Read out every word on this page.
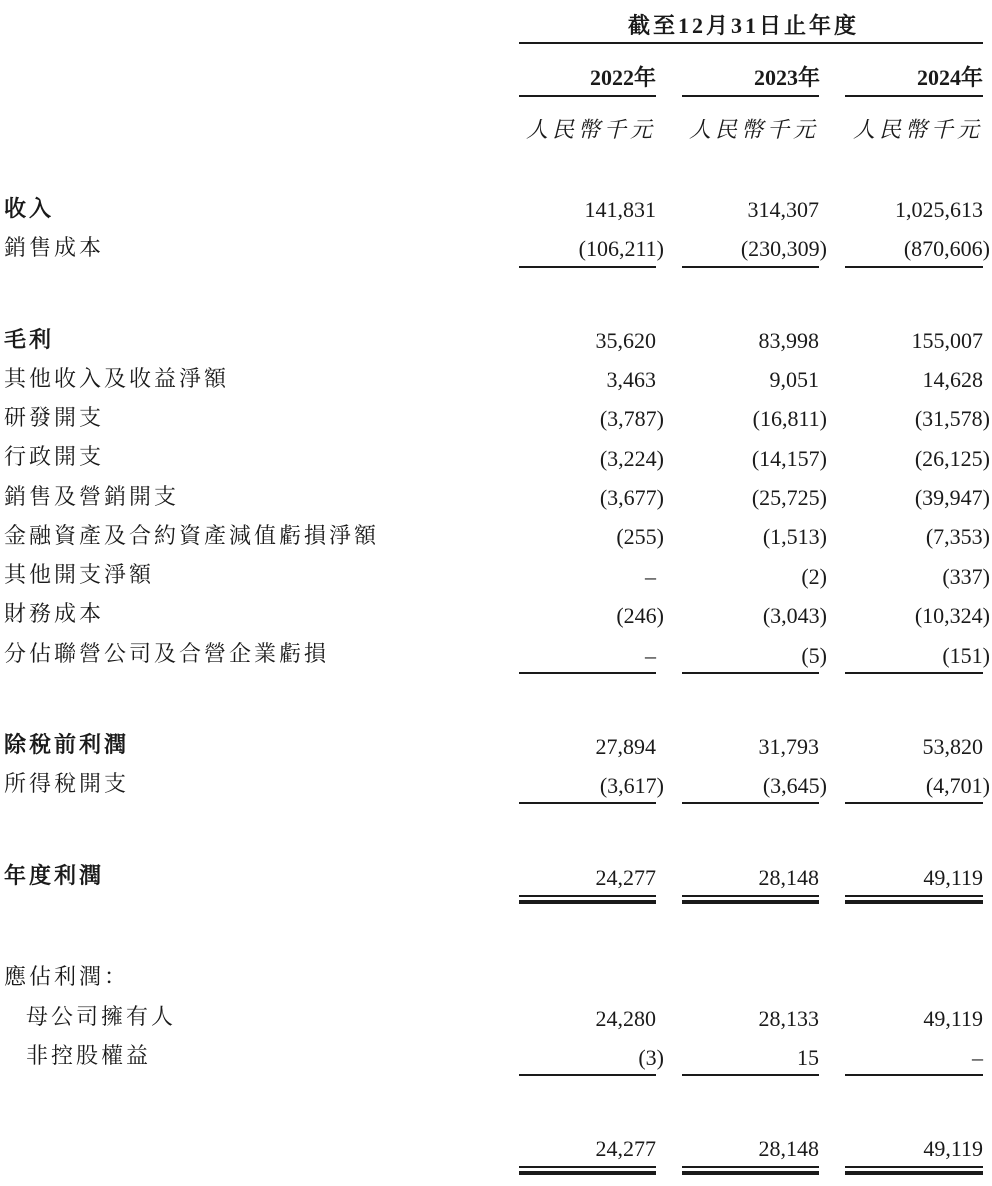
截至12月31日止年度
2022年	2023年	2024年
人民幣千元	人民幣千元	人民幣千元
收入	141,831	314,307	1,025,613
銷售成本	(106,211)	(230,309)	(870,606)
毛利	35,620	83,998	155,007
其他收入及收益淨額	3,463	9,051	14,628
研發開支	(3,787)	(16,811)	(31,578)
行政開支	(3,224)	(14,157)	(26,125)
銷售及營銷開支	(3,677)	(25,725)	(39,947)
金融資產及合約資產減值虧損淨額	(255)	(1,513)	(7,353)
其他開支淨額	–	(2)	(337)
財務成本	(246)	(3,043)	(10,324)
分佔聯營公司及合營企業虧損	–	(5)	(151)
除稅前利潤	27,894	31,793	53,820
所得稅開支	(3,617)	(3,645)	(4,701)
年度利潤	24,277	28,148	49,119
應佔利潤：
母公司擁有人	24,280	28,133	49,119
非控股權益	(3)	15	–
24,277	28,148	49,119
